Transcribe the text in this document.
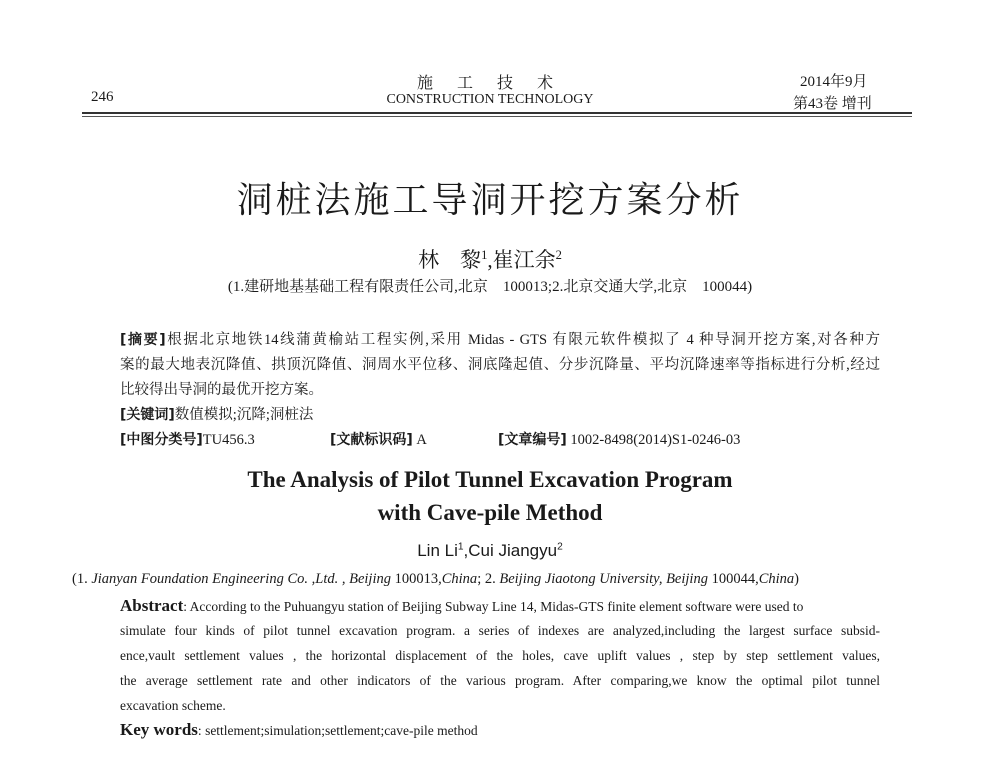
246
施 工 技 术
CONSTRUCTION TECHNOLOGY
2014年9月
第43卷 增刊
洞桩法施工导洞开挖方案分析
林　黎$^1$,崔江余$^2$
(1.建研地基基础工程有限责任公司,北京　100013;2.北京交通大学,北京　100044)
[摘要]根据北京地铁14线蒲黄榆站工程实例,采用 Midas - GTS 有限元软件模拟了 4 种导洞开挖方案,对各种方
案的最大地表沉降值、拱顶沉降值、洞周水平位移、洞底隆起值、分步沉降量、平均沉降速率等指标进行分析,经过
比较得出导洞的最优开挖方案。
[关键词]数值模拟;沉降;洞桩法
[中图分类号]TU456.3	[文献标识码] A	[文章编号] 1002-8498(2014)S1-0246-03
The Analysis of Pilot Tunnel Excavation Program
with Cave-pile Method
Lin Li$^1$,Cui Jiangyu$^2$
(1. Jianyan Foundation Engineering Co. ,Ltd. , Beijing 100013,China; 2. Beijing Jiaotong University, Beijing 100044,China)
Abstract: According to the Puhuangyu station of Beijing Subway Line 14, Midas-GTS finite element software were used to
simulate four kinds of pilot tunnel excavation program. a series of indexes are analyzed,including the largest surface subsid-
ence,vault settlement values , the horizontal displacement of the holes, cave uplift values , step by step settlement values,
the average settlement rate and other indicators of the various program. After comparing,we know the optimal pilot tunnel
excavation scheme.
Key words: settlement;simulation;settlement;cave-pile method
